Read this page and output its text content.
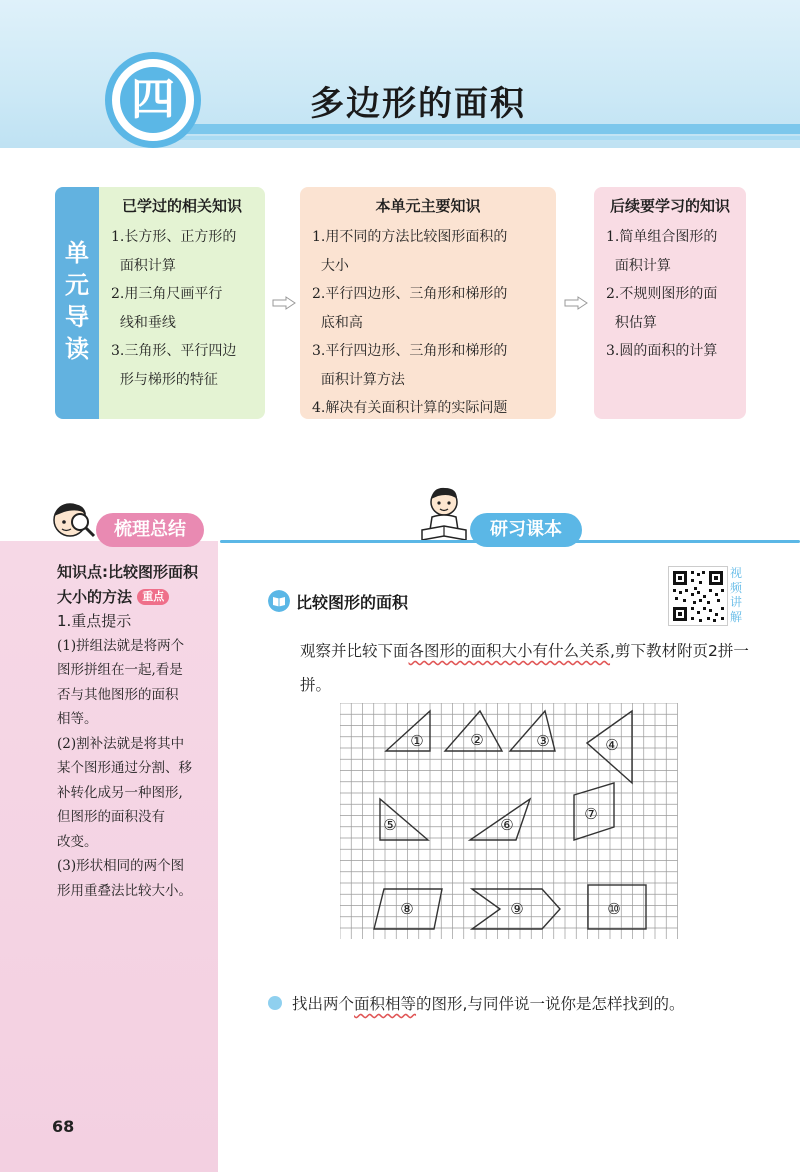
四	多边形的面积
单
元
导
读
已学过的相关知识
1.长方形、正方形的
面积计算
2.用三角尺画平行
线和垂线
3.三角形、平行四边
形与梯形的特征
本单元主要知识
1.用不同的方法比较图形面积的
大小
2.平行四边形、三角形和梯形的
底和高
3.平行四边形、三角形和梯形的
面积计算方法
4.解决有关面积计算的实际问题
后续要学习的知识
1.简单组合图形的
面积计算
2.不规则图形的面
积估算
3.圆的面积的计算
梳理总结
知识点:比较图形面积
大小的方法 重点
1.重点提示
(1)拼组法就是将两个
图形拼组在一起,看是
否与其他图形的面积
相等。
(2)割补法就是将其中
某个图形通过分割、移
补转化成另一种图形,
但图形的面积没有
改变。
(3)形状相同的两个图
形用重叠法比较大小。
研习课本
比较图形的面积
视
频
讲
解
观察并比较下面各图形的面积大小有什么关系,剪下教材附页2拼一拼。
①	②	③	④
⑤	⑥
⑦
⑧	⑨	⑩
找出两个面积相等的图形,与同伴说一说你是怎样找到的。
68
